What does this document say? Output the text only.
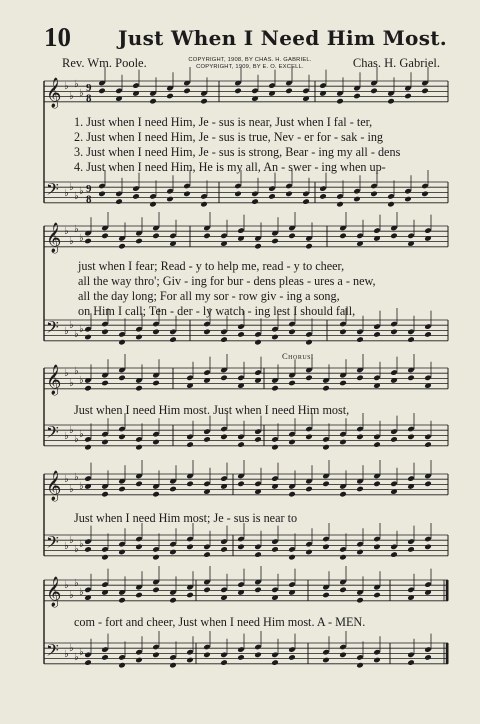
10 Just When I Need Him Most.
Rev. Wm. Poole.	COPYRIGHT, 1908, BY CHAS. H. GABRIEL.
COPYRIGHT, 1909, BY E. O. EXCELL.	Chas. H. Gabriel.
𝄞 ♭
♭
♭
♭ 9
8
𝄢 ♭
♭
♭ ♭ 9
8
𝄞 ♭
♭
♭
♭
𝄢 ♭
♭
♭ ♭
𝄞 ♭
♭
♭
♭
𝄢 ♭
♭
♭ ♭
𝄞 ♭
♭
♭
♭
𝄢 ♭
♭
♭ ♭
𝄞 ♭
♭
♭
♭
𝄢 ♭
♭
♭ ♭
1. Just when I need Him, Je - sus is near, Just when I fal - ter,
2. Just when I need Him, Je - sus is true, Nev - er for - sak - ing
3. Just when I need Him, Je - sus is strong, Bear - ing my all - dens
4. Just when I need Him, He is my all, An - swer - ing when up-
just when I fear; Read - y to help me, read - y to cheer,
all the way thro'; Giv - ing for bur - dens pleas - ures a - new,
all the day long; For all my sor - row giv - ing a song,
on Him I call; Ten - der - ly watch - ing lest I should fall,
Chorus.
Just when I need Him most. Just when I need Him most,
Just when I need Him most; Je - sus is near to
com - fort and cheer, Just when I need Him most. A - MEN.
